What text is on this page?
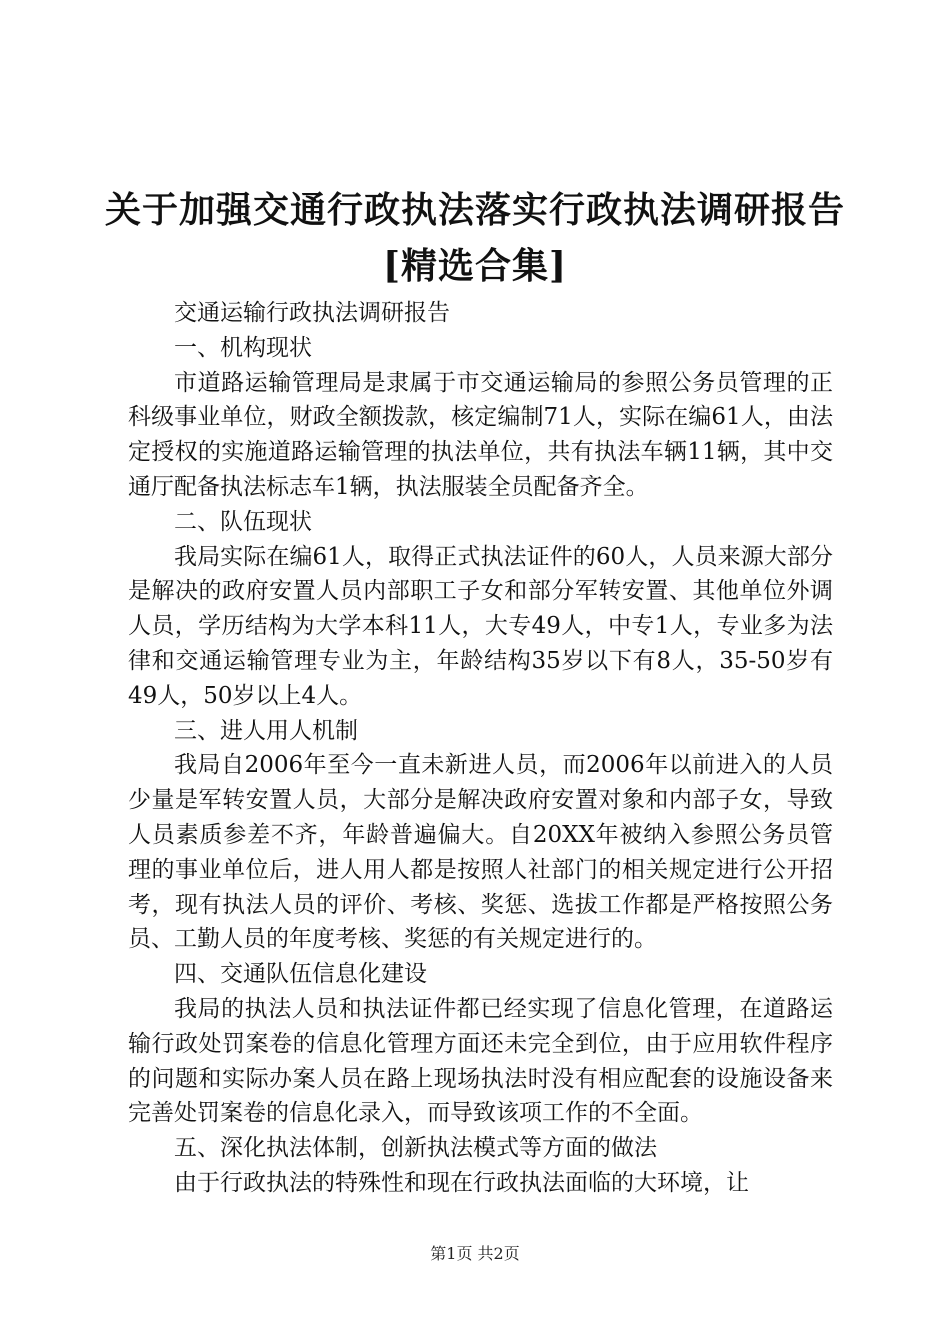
关于加强交通行政执法落实行政执法调研报告
[精选合集]

交通运输行政执法调研报告

一、机构现状

市道路运输管理局是隶属于市交通运输局的参照公务员管理的正科级事业单位，财政全额拨款，核定编制71人，实际在编61人，由法定授权的实施道路运输管理的执法单位，共有执法车辆11辆，其中交通厅配备执法标志车1辆，执法服装全员配备齐全。

二、队伍现状

我局实际在编61人，取得正式执法证件的60人，人员来源大部分是解决的政府安置人员内部职工子女和部分军转安置、其他单位外调人员，学历结构为大学本科11人，大专49人，中专1人，专业多为法律和交通运输管理专业为主，年龄结构35岁以下有8人，35-50岁有49人，50岁以上4人。

三、进人用人机制

我局自2006年至今一直未新进人员，而2006年以前进入的人员少量是军转安置人员，大部分是解决政府安置对象和内部子女，导致人员素质参差不齐，年龄普遍偏大。自20XX年被纳入参照公务员管理的事业单位后，进人用人都是按照人社部门的相关规定进行公开招考，现有执法人员的评价、考核、奖惩、选拔工作都是严格按照公务员、工勤人员的年度考核、奖惩的有关规定进行的。

四、交通队伍信息化建设

我局的执法人员和执法证件都已经实现了信息化管理，在道路运输行政处罚案卷的信息化管理方面还未完全到位，由于应用软件程序的问题和实际办案人员在路上现场执法时没有相应配套的设施设备来完善处罚案卷的信息化录入，而导致该项工作的不全面。

五、深化执法体制，创新执法模式等方面的做法

由于行政执法的特殊性和现在行政执法面临的大环境，让

第1页 共2页
